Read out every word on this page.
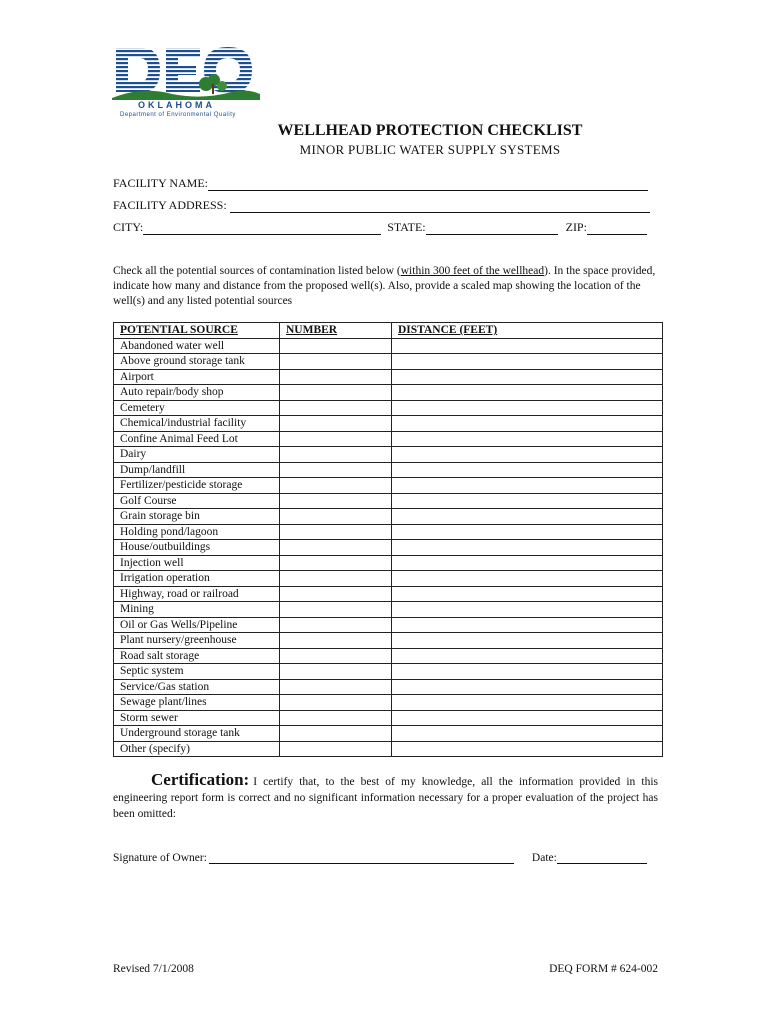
OKLAHOMA
Department of Environmental Quality
WELLHEAD PROTECTION CHECKLIST
MINOR PUBLIC WATER SUPPLY SYSTEMS
FACILITY NAME:
FACILITY ADDRESS:
CITY:	STATE:	ZIP:
Check all the potential sources of contamination listed below (within 300 feet of the wellhead). In the space provided, indicate how many and distance from the proposed well(s). Also, provide a scaled map showing the location of the well(s) and any listed potential sources
POTENTIAL SOURCE	NUMBER	DISTANCE (FEET)
Abandoned water well		
Above ground storage tank		
Airport		
Auto repair/body shop		
Cemetery		
Chemical/industrial facility		
Confine Animal Feed Lot		
Dairy		
Dump/landfill		
Fertilizer/pesticide storage		
Golf Course		
Grain storage bin		
Holding pond/lagoon		
House/outbuildings		
Injection well		
Irrigation operation		
Highway, road or railroad		
Mining		
Oil or Gas Wells/Pipeline		
Plant nursery/greenhouse		
Road salt storage		
Septic system		
Service/Gas station		
Sewage plant/lines		
Storm sewer		
Underground storage tank		
Other (specify)		
Certification: I certify that, to the best of my knowledge, all the information provided in this engineering report form is correct and no significant information necessary for a proper evaluation of the project has been omitted:
Signature of Owner:	Date:
Revised 7/1/2008	DEQ FORM # 624-002
